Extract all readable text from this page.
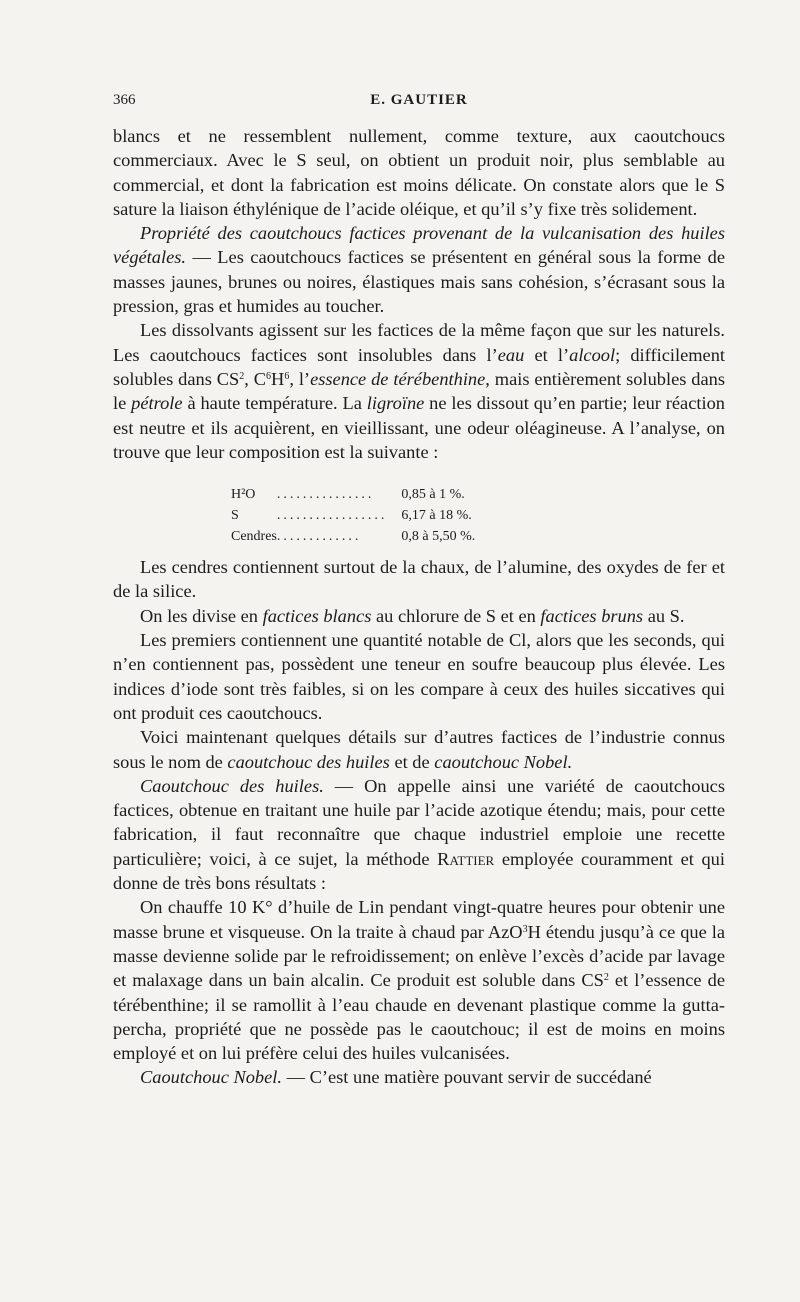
366	E. GAUTIER

blancs et ne ressemblent nullement, comme texture, aux caoutchoucs commerciaux. Avec le S seul, on obtient un produit noir, plus semblable au commercial, et dont la fabrication est moins délicate. On constate alors que le S sature la liaison éthylénique de l’acide oléique, et qu’il s’y fixe très solidement.

Propriété des caoutchoucs factices provenant de la vulcanisation des huiles végétales. — Les caoutchoucs factices se présentent en général sous la forme de masses jaunes, brunes ou noires, élastiques mais sans cohésion, s’écrasant sous la pression, gras et humides au toucher.

Les dissolvants agissent sur les factices de la même façon que sur les naturels. Les caoutchoucs factices sont insolubles dans l’eau et l’alcool; difficilement solubles dans $CS^2$, $C^6H^6$, l’essence de térébenthine, mais entièrement solubles dans le pétrole à haute température. La ligroïne ne les dissout qu’en partie; leur réaction est neutre et ils acquièrent, en vieillissant, une odeur oléagineuse. A l’analyse, on trouve que leur composition est la suivante :

H²O	...............	0,85 à 1 %.
S	.................	6,17 à 18 %.
Cendres	.............	0,8 à 5,50 %.

Les cendres contiennent surtout de la chaux, de l’alumine, des oxydes de fer et de la silice.

On les divise en factices blancs au chlorure de S et en factices bruns au S.

Les premiers contiennent une quantité notable de Cl, alors que les seconds, qui n’en contiennent pas, possèdent une teneur en soufre beaucoup plus élevée. Les indices d’iode sont très faibles, si on les compare à ceux des huiles siccatives qui ont produit ces caoutchoucs.

Voici maintenant quelques détails sur d’autres factices de l’industrie connus sous le nom de caoutchouc des huiles et de caoutchouc Nobel.

Caoutchouc des huiles. — On appelle ainsi une variété de caoutchoucs factices, obtenue en traitant une huile par l’acide azotique étendu; mais, pour cette fabrication, il faut reconnaître que chaque industriel emploie une recette particulière; voici, à ce sujet, la méthode Rattier employée couramment et qui donne de très bons résultats :

On chauffe 10 K° d’huile de Lin pendant vingt-quatre heures pour obtenir une masse brune et visqueuse. On la traite à chaud par AzO$^3$H étendu jusqu’à ce que la masse devienne solide par le refroidissement; on enlève l’excès d’acide par lavage et malaxage dans un bain alcalin. Ce produit est soluble dans $CS^2$ et l’essence de térébenthine; il se ramollit à l’eau chaude en devenant plastique comme la gutta-percha, propriété que ne possède pas le caoutchouc; il est de moins en moins employé et on lui préfère celui des huiles vulcanisées.

Caoutchouc Nobel. — C’est une matière pouvant servir de succédané
